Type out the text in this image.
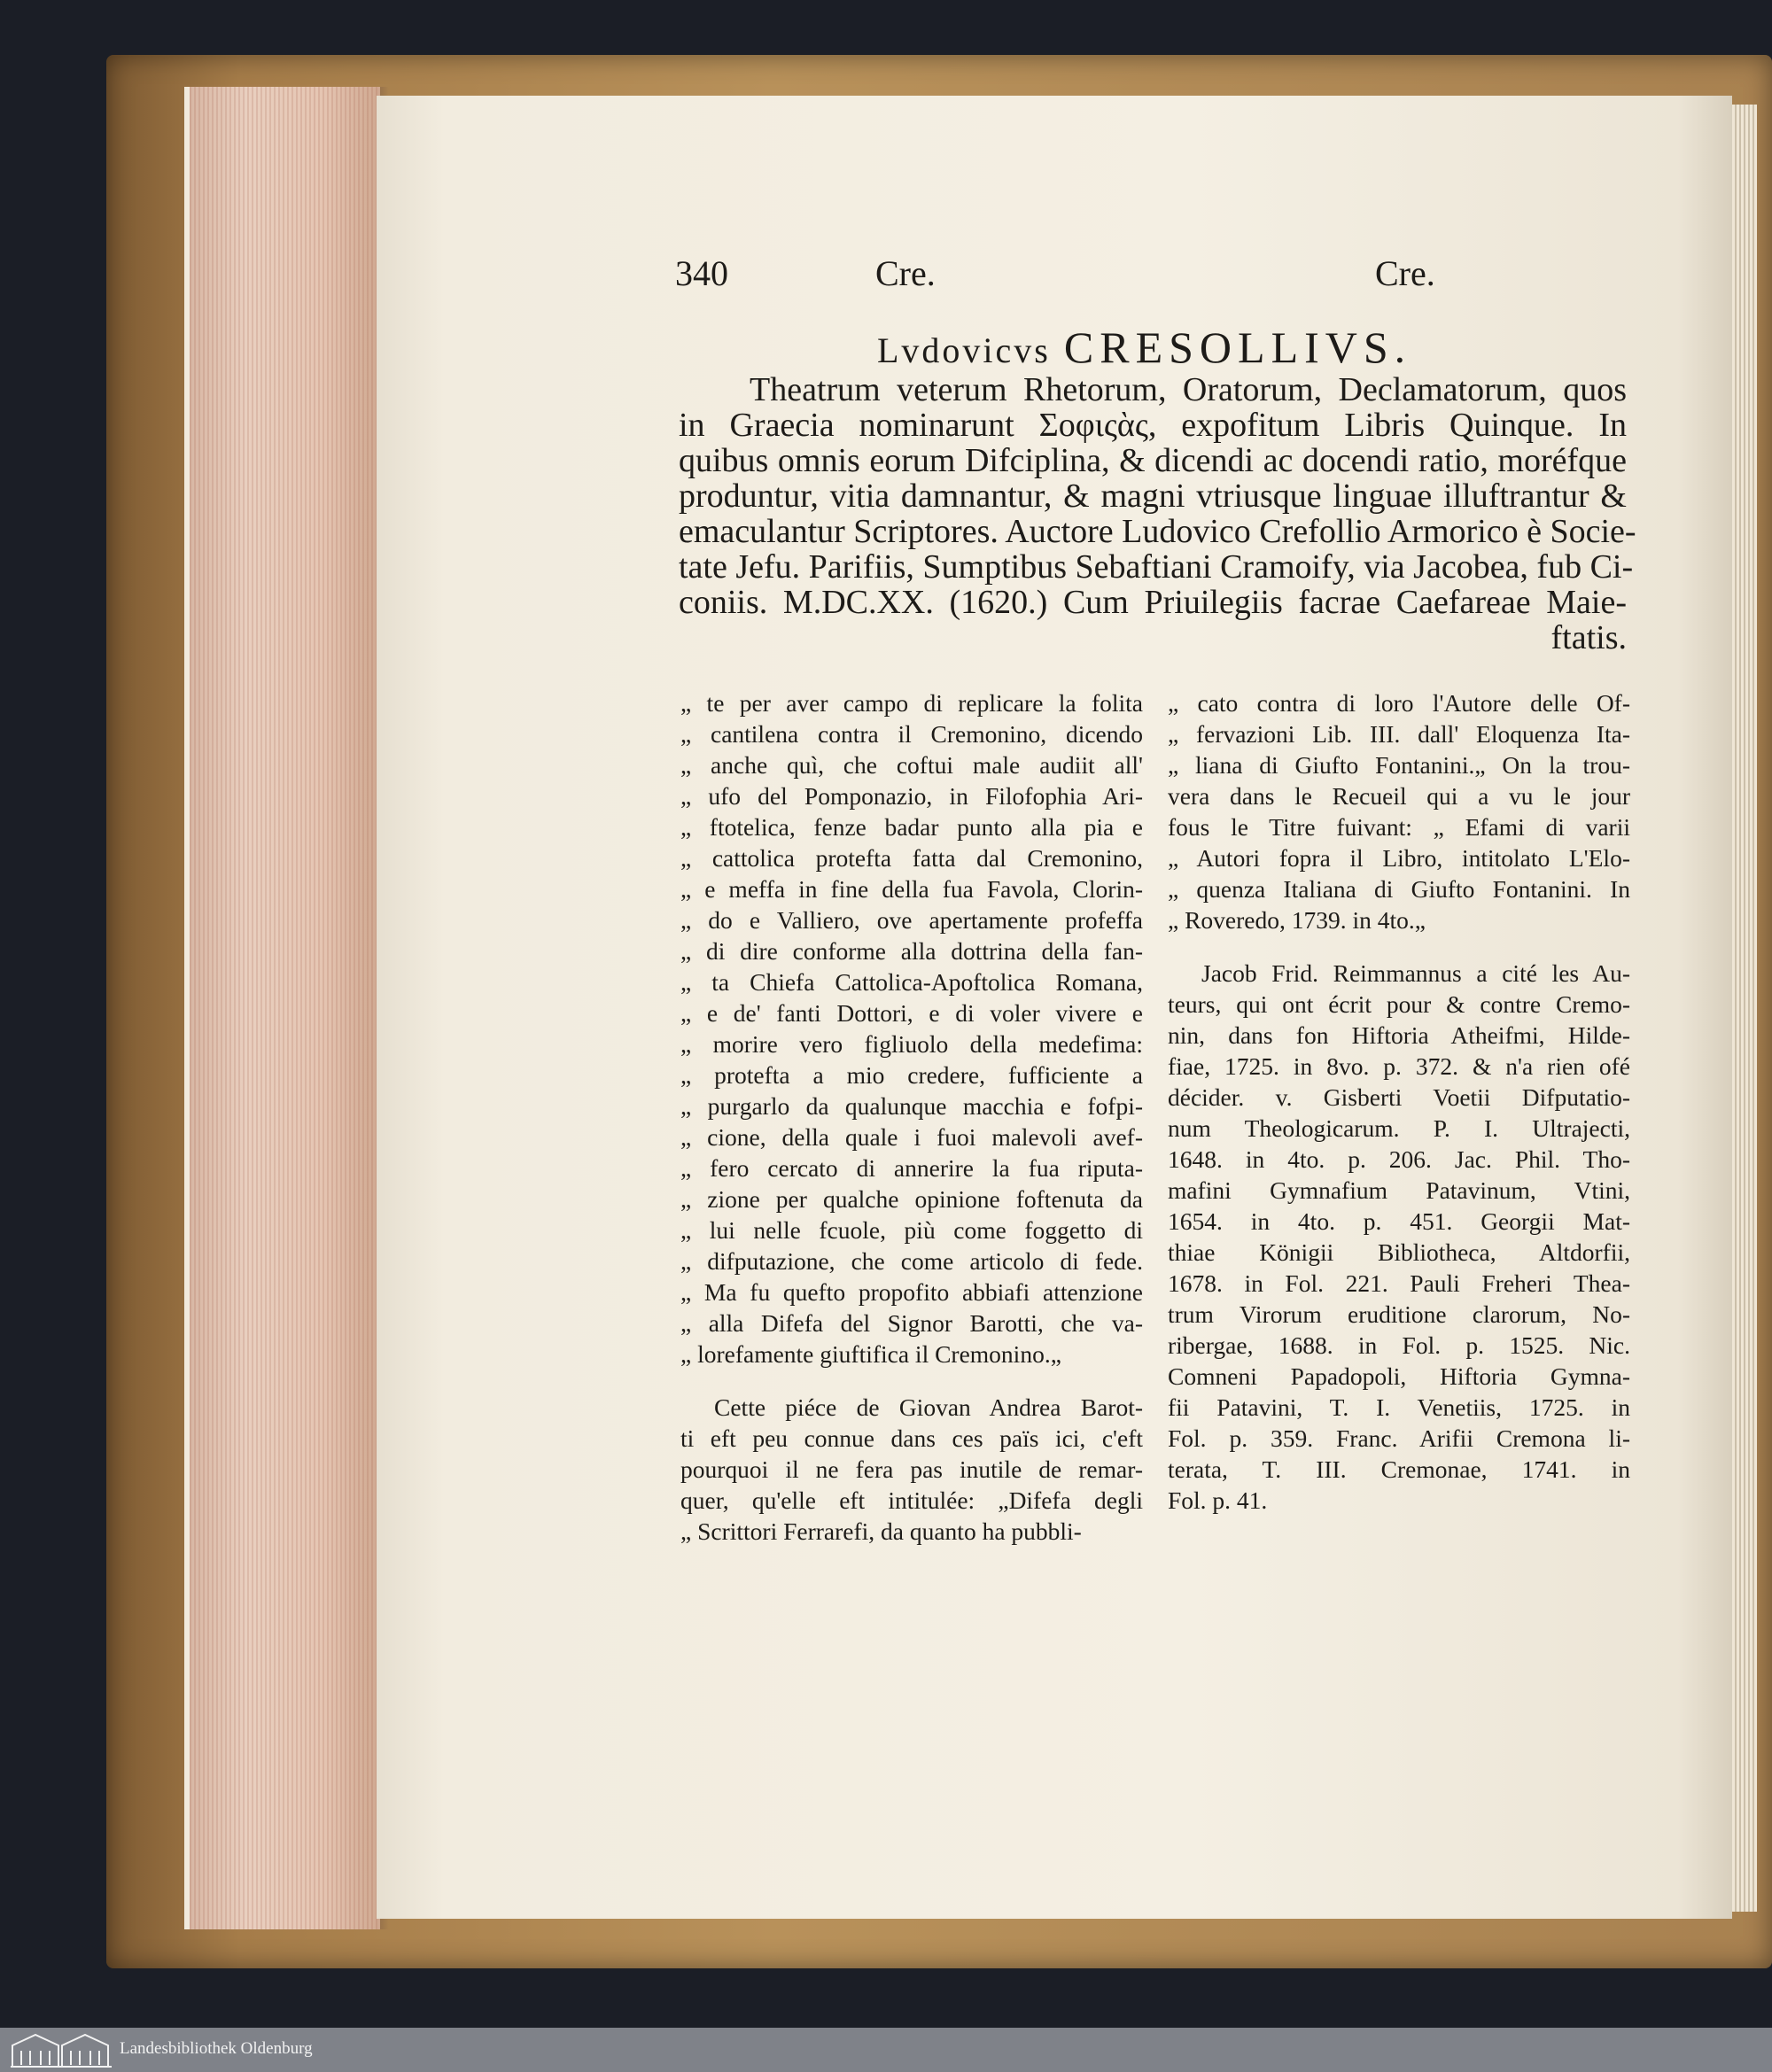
340	Cre.	Cre.
Lvdovicvs CRESOLLIVS.
Theatrum veterum Rhetorum, Oratorum, Declamatorum, quos
in Graecia nominarunt Σοφιςὰς, expofitum Libris Quinque. In
quibus omnis eorum Difciplina, & dicendi ac docendi ratio, moréfque
produntur, vitia damnantur, & magni vtriusque linguae illuftrantur &
emaculantur Scriptores. Auctore Ludovico Crefollio Armorico è Socie-
tate Jefu. Parifiis, Sumptibus Sebaftiani Cramoify, via Jacobea, fub Ci-
coniis. M.DC.XX. (1620.) Cum Priuilegiis facrae Caefareae Maie-
ftatis.
„ te per aver campo di replicare la folita
„ cantilena contra il Cremonino, dicendo
„ anche quì, che coftui male audiit all'
„ ufo del Pomponazio, in Filofophia Ari-
„ ftotelica, fenze badar punto alla pia e
„ cattolica protefta fatta dal Cremonino,
„ e meffa in fine della fua Favola, Clorin-
„ do e Valliero, ove apertamente profeffa
„ di dire conforme alla dottrina della fan-
„ ta Chiefa Cattolica-Apoftolica Romana,
„ e de' fanti Dottori, e di voler vivere e
„ morire vero figliuolo della medefima:
„ protefta a mio credere, fufficiente a
„ purgarlo da qualunque macchia e fofpi-
„ cione, della quale i fuoi malevoli avef-
„ fero cercato di annerire la fua riputa-
„ zione per qualche opinione foftenuta da
„ lui nelle fcuole, più come foggetto di
„ difputazione, che come articolo di fede.
„ Ma fu quefto propofito abbiafi attenzione
„ alla Difefa del Signor Barotti, che va-
„ lorefamente giuftifica il Cremonino.„
Cette piéce de Giovan Andrea Barot-
ti eft peu connue dans ces païs ici, c'eft
pourquoi il ne fera pas inutile de remar-
quer, qu'elle eft intitulée: „Difefa degli
„ Scrittori Ferrarefi, da quanto ha pubbli-
„ cato contra di loro l'Autore delle Of-
„ fervazioni Lib. III. dall' Eloquenza Ita-
„ liana di Giufto Fontanini.„ On la trou-
vera dans le Recueil qui a vu le jour
fous le Titre fuivant: „ Efami di varii
„ Autori fopra il Libro, intitolato L'Elo-
„ quenza Italiana di Giufto Fontanini. In
„ Roveredo, 1739. in 4to.„
Jacob Frid. Reimmannus a cité les Au-
teurs, qui ont écrit pour & contre Cremo-
nin, dans fon Hiftoria Atheifmi, Hilde-
fiae, 1725. in 8vo. p. 372. & n'a rien ofé
décider. v. Gisberti Voetii Difputatio-
num Theologicarum. P. I. Ultrajecti,
1648. in 4to. p. 206. Jac. Phil. Tho-
mafini Gymnafium Patavinum, Vtini,
1654. in 4to. p. 451. Georgii Mat-
thiae Königii Bibliotheca, Altdorfii,
1678. in Fol. 221. Pauli Freheri Thea-
trum Virorum eruditione clarorum, No-
ribergae, 1688. in Fol. p. 1525. Nic.
Comneni Papadopoli, Hiftoria Gymna-
fii Patavini, T. I. Venetiis, 1725. in
Fol. p. 359. Franc. Arifii Cremona li-
terata, T. III. Cremonae, 1741. in
Fol. p. 41.
Landesbibliothek Oldenburg
